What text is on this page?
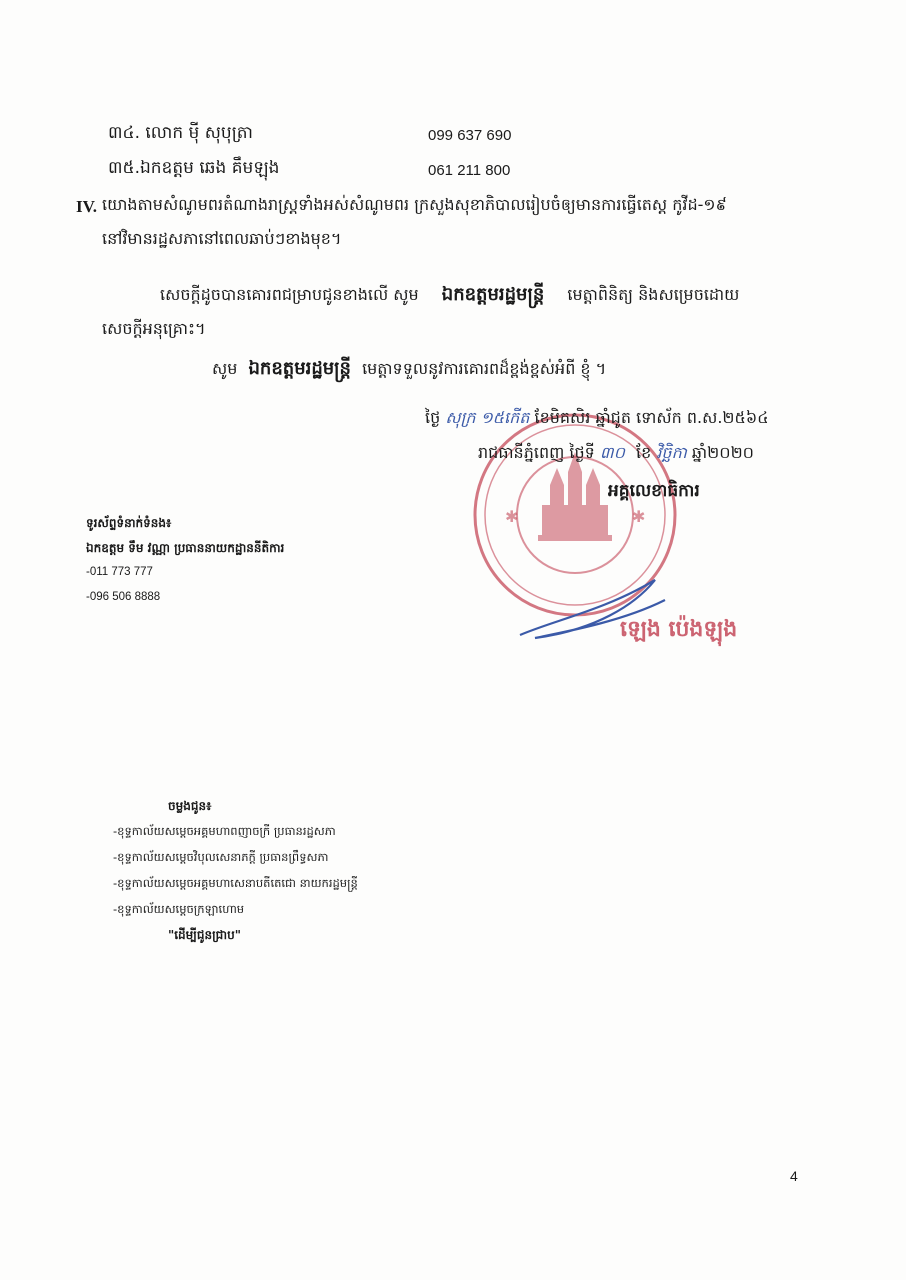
៣៤. លោក ម៉ី សុបុត្រា	099 637 690
៣៥.ឯកឧត្តម ឆេង គឹមឡុង	061 211 800
IV. យោងតាមសំណូមពរតំណាងរាស្ត្រទាំងអស់សំណូមពរ ក្រសួងសុខាភិបាលរៀបចំឲ្យមានការធ្វើតេស្ត កូវីដ-១៩
នៅវិមានរដ្ឋសភានៅពេលឆាប់ៗខាងមុខ។
សេចក្តីដូចបានគោរពជម្រាបជូនខាងលើ សូម ឯកឧត្តមរដ្ឋមន្ត្រី មេត្តាពិនិត្យ និងសម្រេចដោយ
សេចក្តីអនុគ្រោះ។
សូម ឯកឧត្តមរដ្ឋមន្ត្រី មេត្តាទទួលនូវការគោរពដ៏ខ្ពង់ខ្ពស់អំពី ខ្ញុំ ។
✱	✱
ថ្ងៃ សុក្រ ១៥កើត ខែមិគសិរ ឆ្នាំជូត ទោស័ក ព.ស.២៥៦៤
រាជធានីភ្នំពេញ ថ្ងៃទី ៣០ ខែ វិច្ឆិកា ឆ្នាំ២០២០
អគ្គលេខាធិការ
ឡេង ប៉េងឡុង
ទូរស័ព្ទទំនាក់ទំនង៖
ឯកឧត្តម ទឹម វណ្ណា ប្រធាននាយកដ្ឋាននីតិការ
-011 773 777
-096 506 8888
ចម្លងជូន៖
-ខុទ្ទកាល័យសម្តេចអគ្គមហាពញាចក្រី ប្រធានរដ្ឋសភា
-ខុទ្ទកាល័យសម្តេចវិបុលសេនាភក្តី ប្រធានព្រឹទ្ធសភា
-ខុទ្ទកាល័យសម្តេចអគ្គមហាសេនាបតីតេជោ នាយករដ្ឋមន្ត្រី
-ខុទ្ទកាល័យសម្តេចក្រឡាហោម
"ដើម្បីជូនជ្រាប"
4
